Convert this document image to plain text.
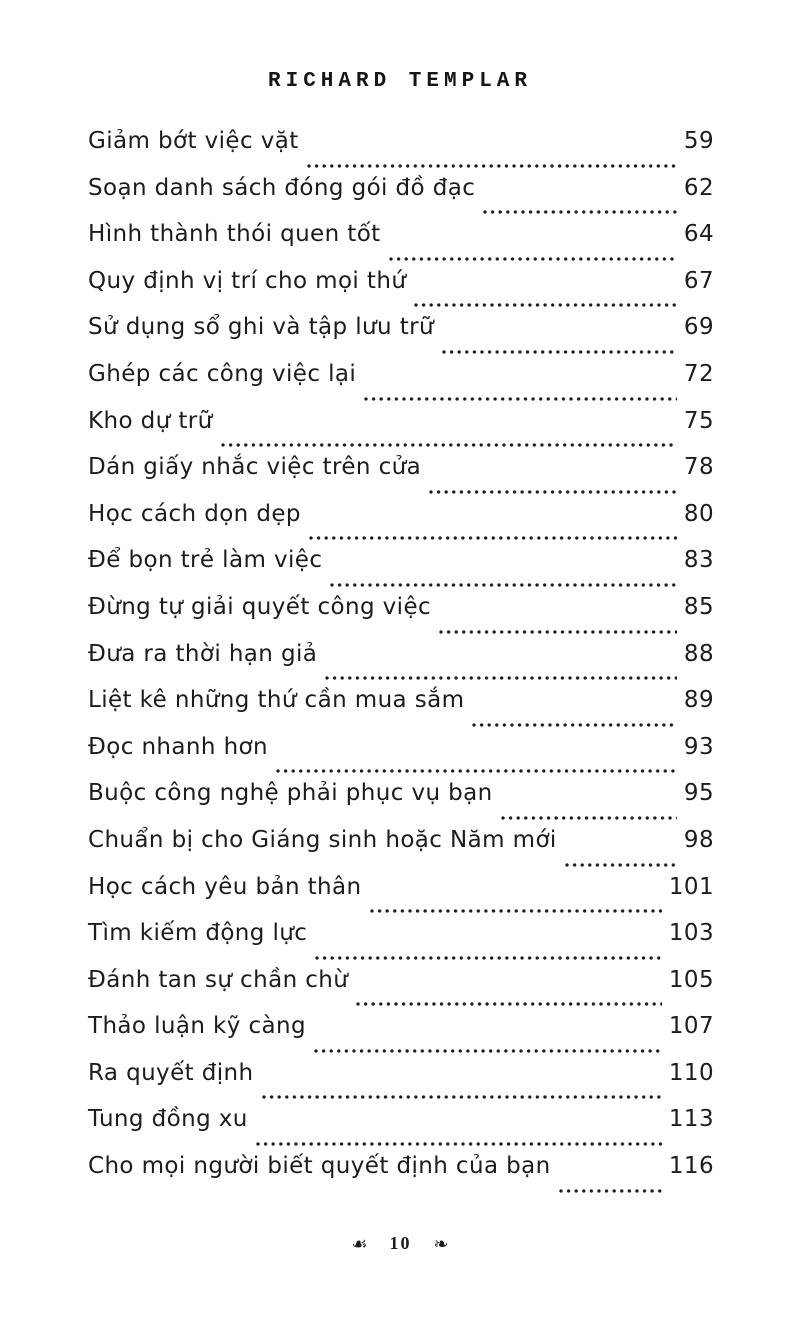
RICHARD TEMPLAR
Giảm bớt việc vặt	59
Soạn danh sách đóng gói đồ đạc	62
Hình thành thói quen tốt	64
Quy định vị trí cho mọi thứ	67
Sử dụng sổ ghi và tập lưu trữ	69
Ghép các công việc lại	72
Kho dự trữ	75
Dán giấy nhắc việc trên cửa	78
Học cách dọn dẹp	80
Để bọn trẻ làm việc	83
Đừng tự giải quyết công việc	85
Đưa ra thời hạn giả	88
Liệt kê những thứ cần mua sắm	89
Đọc nhanh hơn	93
Buộc công nghệ phải phục vụ bạn	95
Chuẩn bị cho Giáng sinh hoặc Năm mới	98
Học cách yêu bản thân	101
Tìm kiếm động lực	103
Đánh tan sự chần chừ	105
Thảo luận kỹ càng	107
Ra quyết định	110
Tung đồng xu	113
Cho mọi người biết quyết định của bạn	116
☙ 10 ❧
